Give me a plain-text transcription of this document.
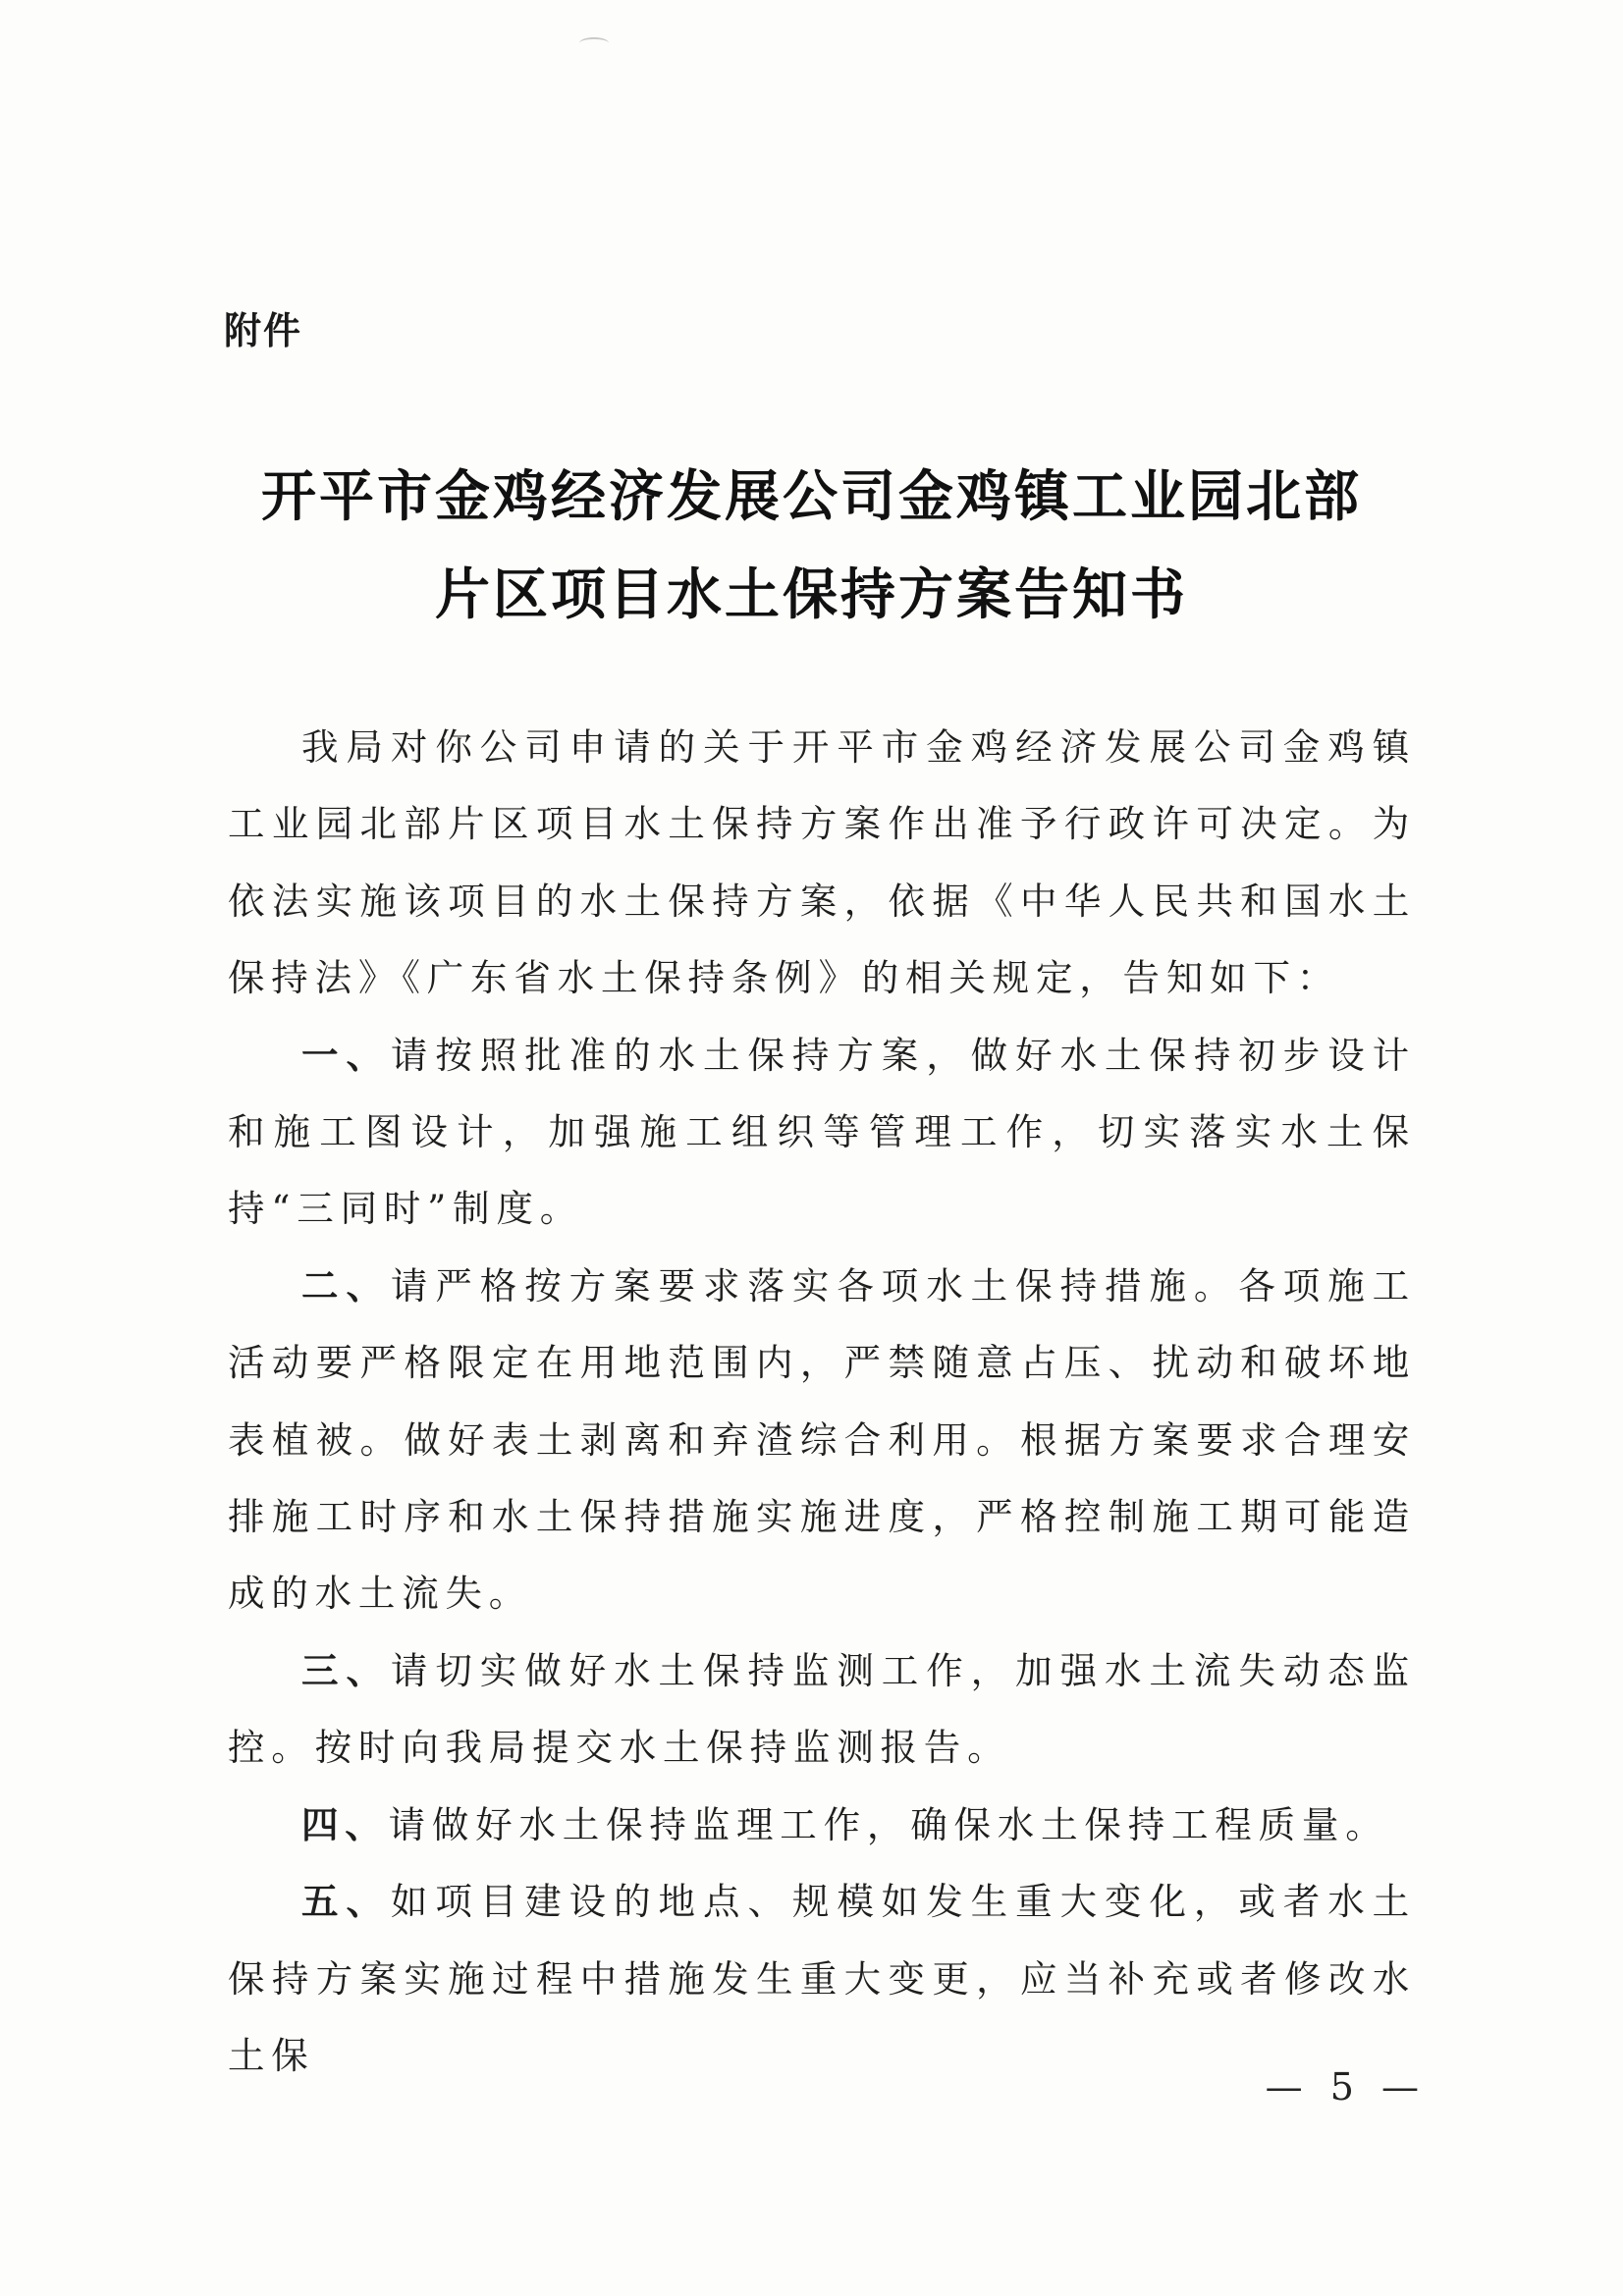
附件
开平市金鸡经济发展公司金鸡镇工业园北部
片区项目水土保持方案告知书

我局对你公司申请的关于开平市金鸡经济发展公司金鸡镇工业园北部片区项目水土保持方案作出准予行政许可决定。为依法实施该项目的水土保持方案，依据《中华人民共和国水土保持法》《广东省水土保持条例》的相关规定，告知如下：

一、请按照批准的水土保持方案，做好水土保持初步设计和施工图设计，加强施工组织等管理工作，切实落实水土保持“三同时”制度。

二、请严格按方案要求落实各项水土保持措施。各项施工活动要严格限定在用地范围内，严禁随意占压、扰动和破坏地表植被。做好表土剥离和弃渣综合利用。根据方案要求合理安排施工时序和水土保持措施实施进度，严格控制施工期可能造成的水土流失。

三、请切实做好水土保持监测工作，加强水土流失动态监控。按时向我局提交水土保持监测报告。

四、请做好水土保持监理工作，确保水土保持工程质量。

五、如项目建设的地点、规模如发生重大变化，或者水土保持方案实施过程中措施发生重大变更，应当补充或者修改水土保

— 5 —
